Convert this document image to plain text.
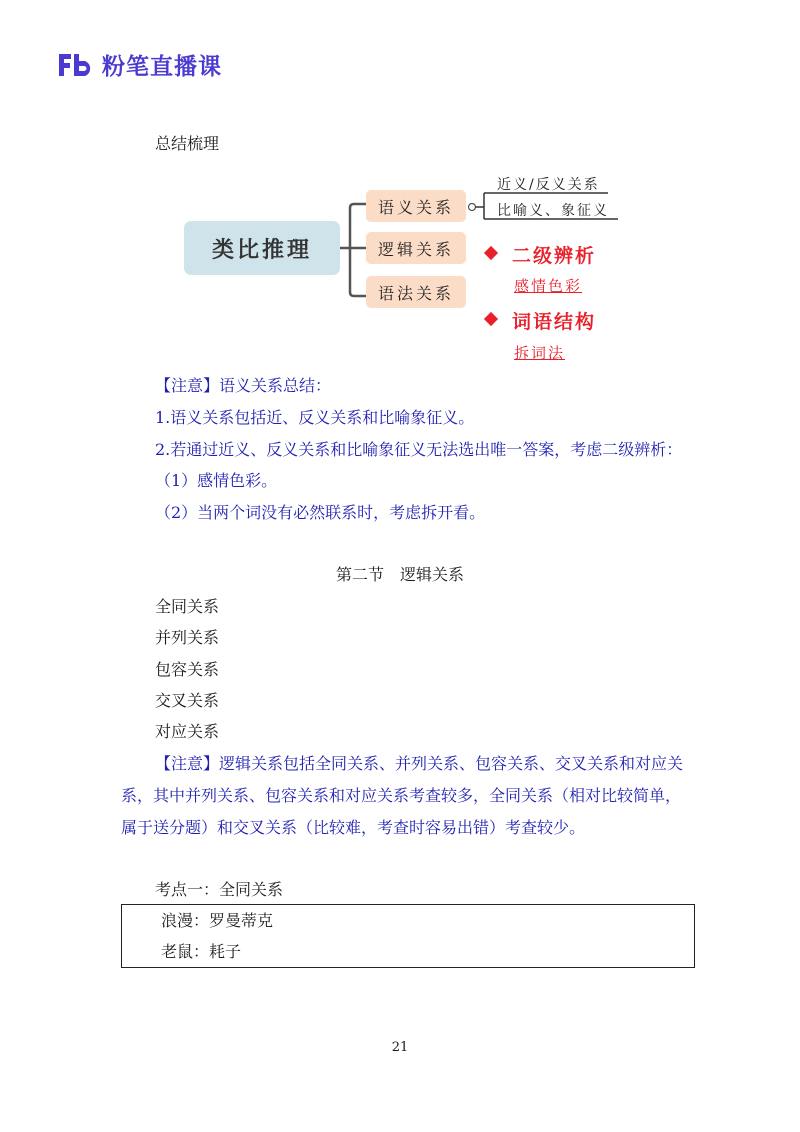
粉笔直播课
总结梳理
类比推理
语义关系
逻辑关系
语法关系
近义/反义关系
比喻义、象征义
二级辨析
感情色彩
词语结构
拆词法
【注意】语义关系总结：
1.语义关系包括近、反义关系和比喻象征义。
2.若通过近义、反义关系和比喻象征义无法选出唯一答案，考虑二级辨析：
（1）感情色彩。
（2）当两个词没有必然联系时，考虑拆开看。
第二节　逻辑关系
全同关系
并列关系
包容关系
交叉关系
对应关系
【注意】逻辑关系包括全同关系、并列关系、包容关系、交叉关系和对应关
系，其中并列关系、包容关系和对应关系考查较多，全同关系（相对比较简单，
属于送分题）和交叉关系（比较难，考查时容易出错）考查较少。
考点一：全同关系
浪漫：罗曼蒂克
老鼠：耗子
21
